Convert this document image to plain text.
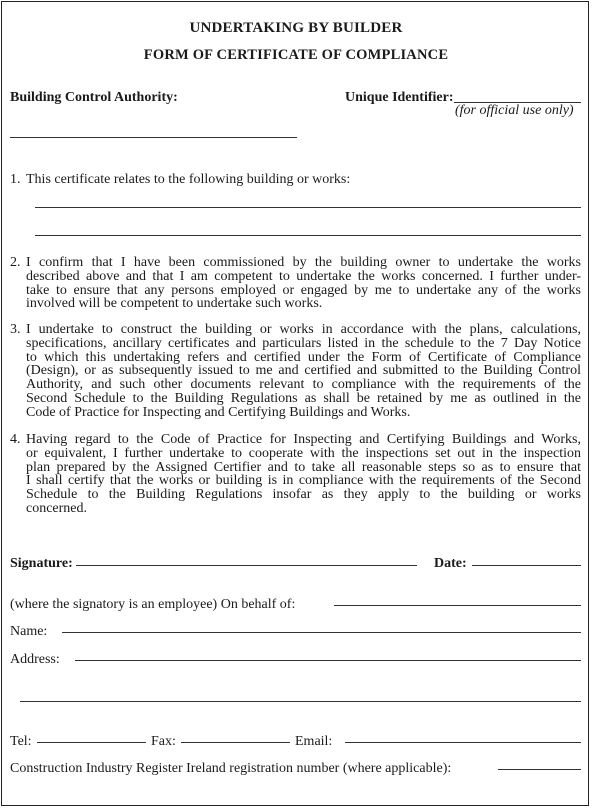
UNDERTAKING BY BUILDER
FORM OF CERTIFICATE OF COMPLIANCE
Building Control Authority:	Unique Identifier:
(for official use only)
1. This certificate relates to the following building or works:
2. I confirm that I have been commissioned by the building owner to undertake the works
described above and that I am competent to undertake the works concerned. I further under-
take to ensure that any persons employed or engaged by me to undertake any of the works
involved will be competent to undertake such works.
3. I undertake to construct the building or works in accordance with the plans, calculations,
specifications, ancillary certificates and particulars listed in the schedule to the 7 Day Notice
to which this undertaking refers and certified under the Form of Certificate of Compliance
(Design), or as subsequently issued to me and certified and submitted to the Building Control
Authority, and such other documents relevant to compliance with the requirements of the
Second Schedule to the Building Regulations as shall be retained by me as outlined in the
Code of Practice for Inspecting and Certifying Buildings and Works.
4. Having regard to the Code of Practice for Inspecting and Certifying Buildings and Works,
or equivalent, I further undertake to cooperate with the inspections set out in the inspection
plan prepared by the Assigned Certifier and to take all reasonable steps so as to ensure that
I shall certify that the works or building is in compliance with the requirements of the Second
Schedule to the Building Regulations insofar as they apply to the building or works
concerned.
Signature:	Date:
(where the signatory is an employee) On behalf of:
Name:
Address:
Tel:	Fax:	Email:
Construction Industry Register Ireland registration number (where applicable):
